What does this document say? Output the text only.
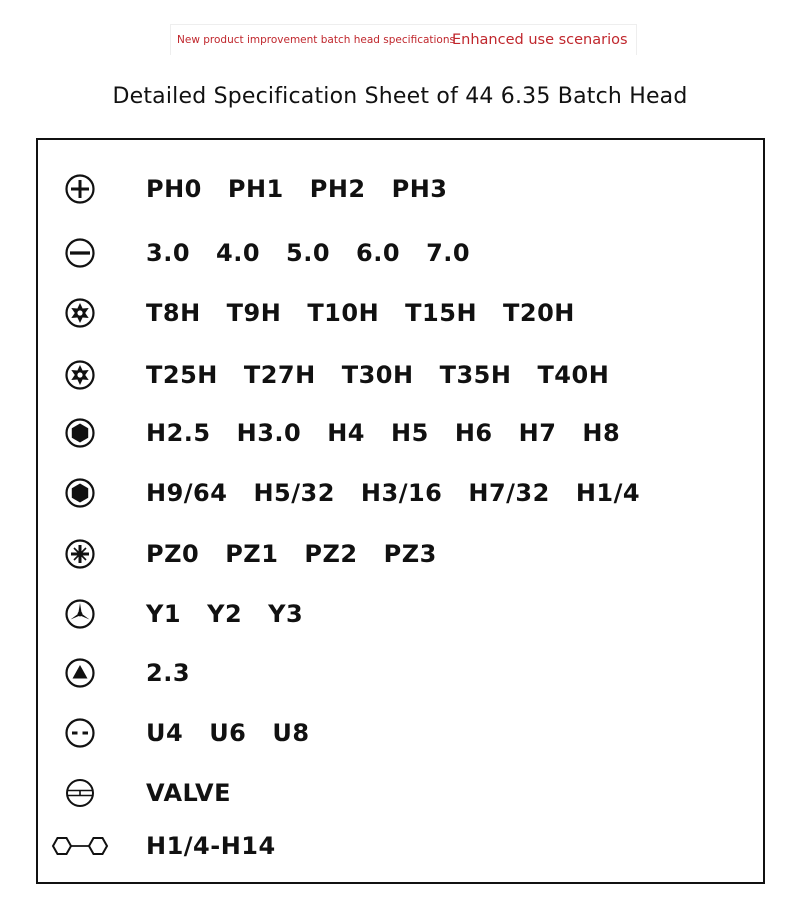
New product improvement batch head specifications
Enhanced use scenarios
Detailed Specification Sheet of 44 6.35 Batch Head
PH0 PH1 PH2 PH3
3.0 4.0 5.0 6.0 7.0
T8H T9H T10H T15H T20H
T25H T27H T30H T35H T40H
H2.5 H3.0 H4 H5 H6 H7 H8
H9/64 H5/32 H3/16 H7/32 H1/4
PZ0 PZ1 PZ2 PZ3
Y1 Y2 Y3
2.3
U4 U6 U8
VALVE
H1/4-H14
